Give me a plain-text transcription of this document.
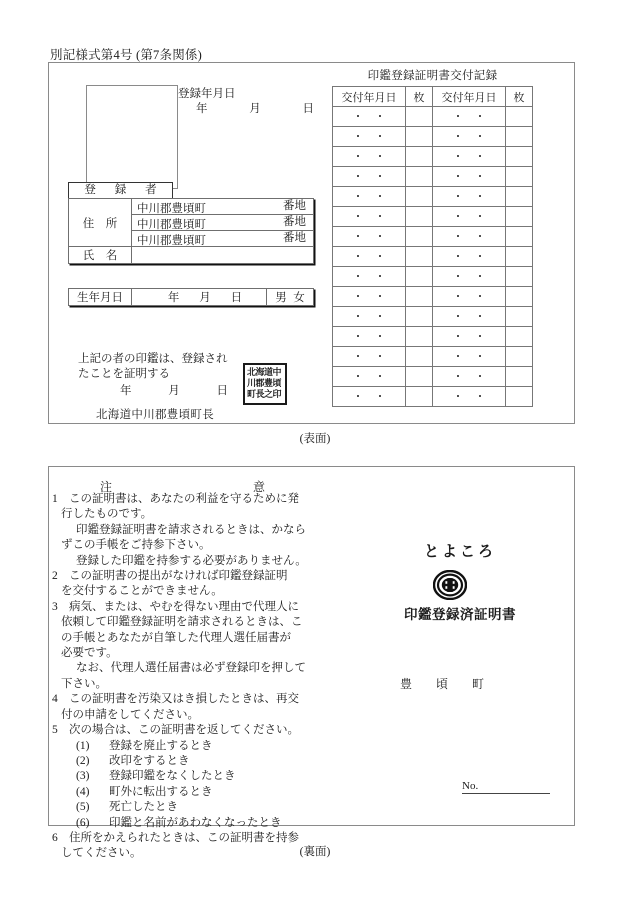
別記様式第4号 (第7条関係)
登録年月日
年	月	日
登 録 者
住 所	中川郡豊頃町 番地

	中川郡豊頃町 番地

	中川郡豊頃町 番地

氏 名	

生年月日	年 月 日	男 女
上記の者の印鑑は、登録され
たことを証明する
年	月	日
北海道中川郡豊頃町長
北海道中
川郡豊頃
町長之印
印鑑登録証明書交付記録
交付年月日	枚	交付年月日	枚

・ ・		・ ・	

・ ・		・ ・	

・ ・		・ ・	

・ ・		・ ・	

・ ・		・ ・	

・ ・		・ ・	

・ ・		・ ・	

・ ・		・ ・	

・ ・		・ ・	

・ ・		・ ・	

・ ・		・ ・	

・ ・		・ ・	

・ ・		・ ・	

・ ・		・ ・	

・ ・		・ ・	

(表面)
注	意
1 この証明書は、あなたの利益を守るために発
行したものです。
印鑑登録証明書を請求されるときは、かなら
ずこの手帳をご持参下さい。
登録した印鑑を持参する必要がありません。
2 この証明書の提出がなければ印鑑登録証明
を交付することができません。
3 病気、または、やむを得ない理由で代理人に
依頼して印鑑登録証明を請求されるときは、こ
の手帳とあなたが自筆した代理人選任届書が
必要です。
なお、代理人選任届書は必ず登録印を押して
下さい。
4 この証明書を汚染又はき損したときは、再交
付の申請をしてください。
5 次の場合は、この証明書を返してください。
(1)	登録を廃止するとき
(2)	改印をするとき
(3)	登録印鑑をなくしたとき
(4)	町外に転出するとき
(5)	死亡したとき
(6)	印鑑と名前があわなくなったとき
6 住所をかえられたときは、この証明書を持参
してください。
とよころ
印鑑登録済証明書
豊 頃 町
No.
(裏面)
